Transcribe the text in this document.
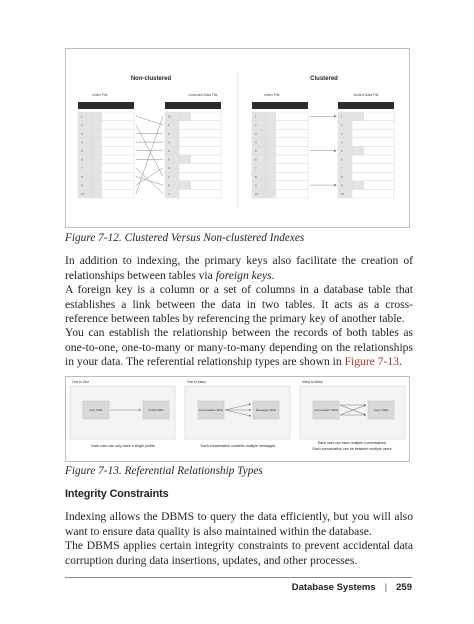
Non-clustered	Clustered
Index File	Unsorted Data File	Index File	Sorted Data File
1
2
3
4
5
6
7
8
9
10
10
1
3
4
5
6
9
2
8
7
1
2
3
4
5
6
7
8
9
10
1
2
3
4
5
6
7
8
9
10
Figure 7-12. Clustered Versus Non-clustered Indexes

In addition to indexing, the primary keys also facilitate the creation of relationships between tables via foreign keys.

A foreign key is a column or a set of columns in a database table that establishes a link between the data in two tables. It acts as a cross-reference between tables by referencing the primary key of another table.

You can establish the relationship between the records of both tables as one-to-one, one-to-many or many-to-many depending on the relationships in your data. The referential relationship types are shown in Figure 7-13.

One to One
User Table	Profile Table
Each user can only have a single profile
One to Many
Conversation Table	Messages Table
Each conversation contains multiple messages
Many to Many
Conversation Table	Users Table
Each user can have multiple conversations
Each conversation can be between multiple users
Figure 7-13. Referential Relationship Types
Integrity Constraints

Indexing allows the DBMS to query the data efficiently, but you will also want to ensure data quality is also maintained within the database.

The DBMS applies certain integrity constraints to prevent accidental data corruption during data insertions, updates, and other processes.

Database Systems | 259
